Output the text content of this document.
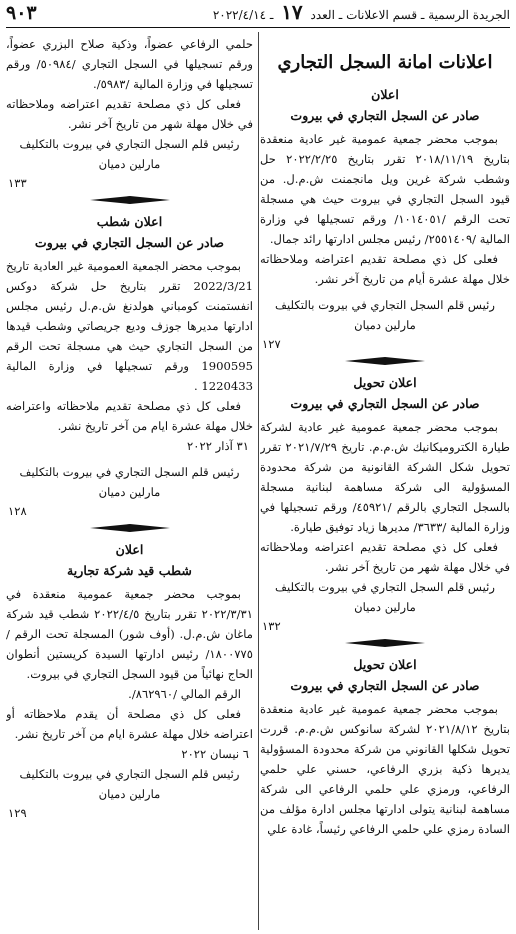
الجريدة الرسمية ـ قسم الاعلانات ـ العدد ١٧ ـ ٢٠٢٢/٤/١٤
٩٠٣
اعلانات امانة السجل التجاري
اعلان
صادر عن السجل التجاري في بيروت

بموجب محضر جمعية عمومية غير عادية منعقدة بتاريخ ٢٠١٨/١١/١٩ تقرر بتاريخ ٢٠٢٢/٢/٢٥ حل وشطب شركة غرين ويل مانجمنت ش.م.ل. من قيود السجل التجاري في بيروت حيث هي مسجلة تحت الرقم /١٠١٤٠٥١/ ورقم تسجيلها في وزارة المالية /٢٥٥١٤٠٩/ رئيس مجلس ادارتها رائد جمال.

فعلى كل ذي مصلحة تقديم اعتراضه وملاحظاته خلال مهلة عشرة أيام من تاريخ آخر نشر.

رئيس قلم السجل التجاري في بيروت بالتكليف
مارلين دميان
١٢٧
اعلان تحويل
صادر عن السجل التجاري في بيروت

بموجب محضر جمعية عمومية غير عادية لشركة طيارة الكتروميكانيك ش.م.م. تاريخ ٢٠٢١/٧/٢٩ تقرر تحويل شكل الشركة القانونية من شركة محدودة المسؤولية الى شركة مساهمة لبنانية مسجلة بالسجل التجاري بالرقم /٤٥٩٢١/ ورقم تسجيلها في وزارة المالية /٣٦٣٣/ مديرها زياد توفيق طيارة.

فعلى كل ذي مصلحة تقديم اعتراضه وملاحظاته في خلال مهلة شهر من تاريخ آخر نشر.

رئيس قلم السجل التجاري في بيروت بالتكليف
مارلين دميان
١٣٢
اعلان تحويل
صادر عن السجل التجاري في بيروت

بموجب محضر جمعية عمومية غير عادية منعقدة بتاريخ ٢٠٢١/٨/١٢ لشركة سانوكس ش.م.م. قررت تحويل شكلها القانوني من شركة محدودة المسؤولية يديرها ذكية بزري الرفاعي، حسني علي حلمي الرفاعي، ورمزي علي حلمي الرفاعي الى شركة مساهمة لبنانية يتولى ادارتها مجلس ادارة مؤلف من السادة رمزي علي حلمي الرفاعي رئيساً، غادة علي

حلمي الرفاعي عضواً، وذكية صلاح البزري عضواً، ورقم تسجيلها في السجل التجاري /٥٠٩٨٤/ ورقم تسجيلها في وزارة المالية /٥٩٨٣/.

فعلى كل ذي مصلحة تقديم اعتراضه وملاحظاته في خلال مهلة شهر من تاريخ آخر نشر.

رئيس قلم السجل التجاري في بيروت بالتكليف
مارلين دميان
١٣٣
اعلان شطب
صادر عن السجل التجاري في بيروت

بموجب محضر الجمعية العمومية غير العادية تاريخ 2022/3/21 تقرر بتاريخ حل شركة دوكس انفستمنت كومباني هولدنغ ش.م.ل رئيس مجلس ادارتها مديرها جوزف وديع جريصاتي وشطب قيدها من السجل التجاري حيث هي مسجلة تحت الرقم 1900595 ورقم تسجيلها في وزارة المالية 1220433 .

فعلى كل ذي مصلحة تقديم ملاحظاته واعتراضه خلال مهلة عشرة ايام من آخر تاريخ نشر.

٣١ آذار ٢٠٢٢
رئيس قلم السجل التجاري في بيروت بالتكليف
مارلين دميان
١٢٨
اعلان
شطب قيد شركة تجارية

بموجب محضر جمعية عمومية منعقدة في ٢٠٢٢/٣/٣١ تقرر بتاريخ ٢٠٢٢/٤/٥ شطب قيد شركة ماغان ش.م.ل. (أوف شور) المسجلة تحت الرقم /١٨٠٠٧٧٥/ رئيس ادارتها السيدة كريستين أنطوان الحاج نهائياً من قيود السجل التجاري في بيروت.

الرقم المالي /٨٦٢٩٦٠/.

فعلى كل ذي مصلحة أن يقدم ملاحظاته أو اعتراضه خلال مهلة عشرة ايام من آخر تاريخ نشر.

٦ نيسان ٢٠٢٢
رئيس قلم السجل التجاري في بيروت بالتكليف
مارلين دميان
١٢٩
